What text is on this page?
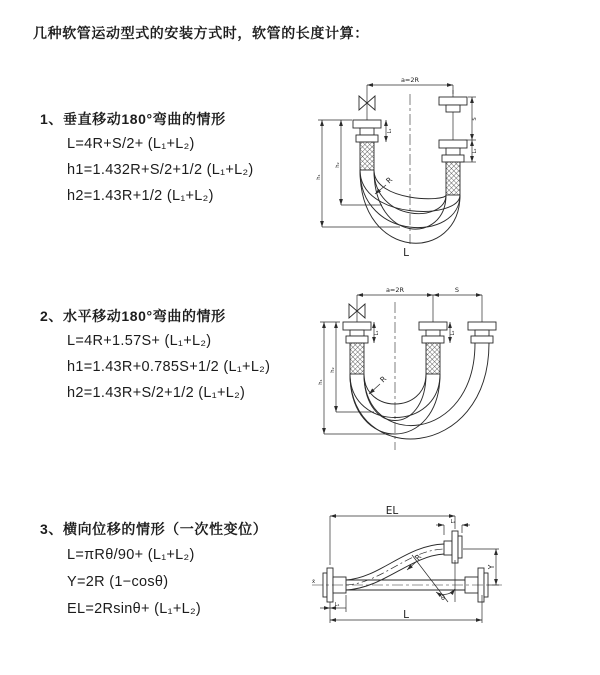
几种软管运动型式的安装方式时，软管的长度计算：
1、垂直移动180°弯曲的情形
L=4R+S/2+ (L₁+L₂)
h1=1.432R+S/2+1/2 (L₁+L₂)
h2=1.43R+1/2 (L₁+L₂)
2、水平移动180°弯曲的情形
L=4R+1.57S+ (L₁+L₂)
h1=1.43R+0.785S+1/2 (L₁+L₂)
h2=1.43R+S/2+1/2 (L₁+L₂)
3、横向位移的情形（一次性变位）
L=πRθ/90+ (L₁+L₂)
Y=2R (1−cosθ)
EL=2Rsinθ+ (L₁+L₂)
a=2R
L₁
S
L₂
h₁
h₂
R
L
a=2R	S
L₁	L₂
h₁
h₂
R
EL
L₂
x̄
Y
R
θ
L₁
L
